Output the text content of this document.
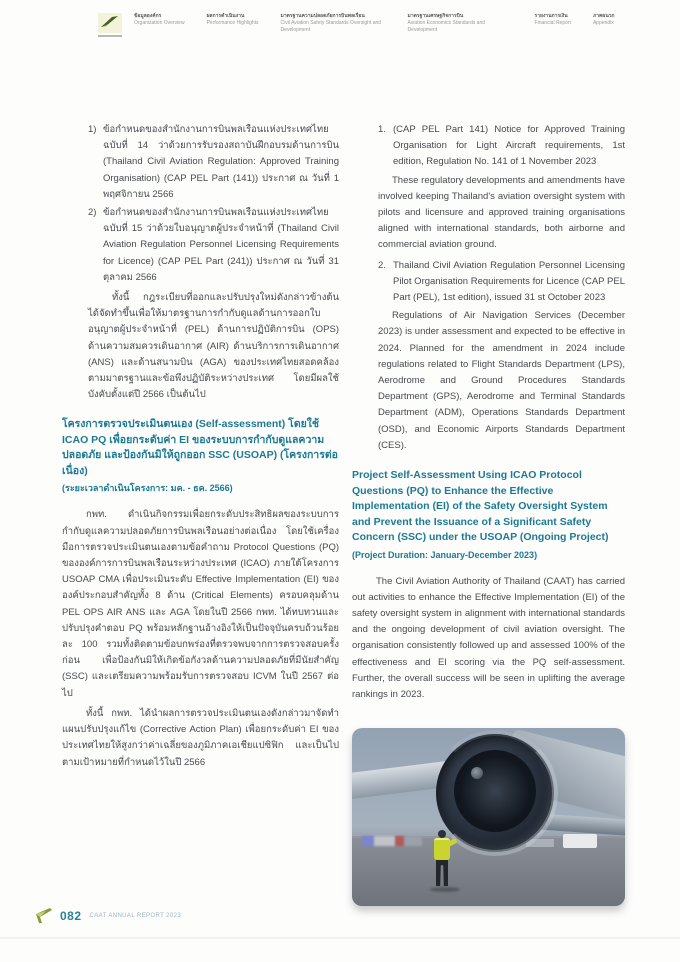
ข้อมูลองค์กร
Organization Overview
ผลการดำเนินงาน
Performance Highlights
มาตรฐานความปลอดภัยการบินพลเรือน
Civil Aviation Safety Standards Oversight and Development
มาตรฐานเศรษฐกิจการบิน
Aviation Economics Standards and Development
รายงานการเงิน
Financial Report
ภาคผนวก
Appendix
1) ข้อกำหนดของสำนักงานการบินพลเรือนแห่งประเทศไทย ฉบับที่ 14 ว่าด้วยการรับรองสถาบันฝึกอบรมด้านการบิน (Thailand Civil Aviation Regulation: Approved Training Organisation) (CAP PEL Part (141)) ประกาศ ณ วันที่ 1 พฤศจิกายน 2566
2) ข้อกำหนดของสำนักงานการบินพลเรือนแห่งประเทศไทย ฉบับที่ 15 ว่าด้วยใบอนุญาตผู้ประจำหน้าที่ (Thailand Civil Aviation Regulation Personnel Licensing Requirements for Licence) (CAP PEL Part (241)) ประกาศ ณ วันที่ 31 ตุลาคม 2566
ทั้งนี้ กฎระเบียบที่ออกและปรับปรุงใหม่ดังกล่าวข้างต้น ได้จัดทำขึ้นเพื่อให้มาตรฐานการกำกับดูแลด้านการออกใบอนุญาตผู้ประจำหน้าที่ (PEL) ด้านการปฏิบัติการบิน (OPS) ด้านความสมควรเดินอากาศ (AIR) ด้านบริการการเดินอากาศ (ANS) และด้านสนามบิน (AGA) ของประเทศไทยสอดคล้องตามมาตรฐานและข้อพึงปฏิบัติระหว่างประเทศ โดยมีผลใช้บังคับตั้งแต่ปี 2566 เป็นต้นไป
โครงการตรวจประเมินตนเอง (Self-assessment) โดยใช้ ICAO PQ เพื่อยกระดับค่า EI ของระบบการกำกับดูแลความปลอดภัย และป้องกันมิให้ถูกออก SSC (USOAP) (โครงการต่อเนื่อง)
(ระยะเวลาดำเนินโครงการ: มค. - ธค. 2566)
กพท. ดำเนินกิจกรรมเพื่อยกระดับประสิทธิผลของระบบการกำกับดูแลความปลอดภัยการบินพลเรือนอย่างต่อเนื่อง โดยใช้เครื่องมือการตรวจประเมินตนเองตามข้อคำถาม Protocol Questions (PQ) ขององค์การการบินพลเรือนระหว่างประเทศ (ICAO) ภายใต้โครงการ USOAP CMA เพื่อประเมินระดับ Effective Implementation (EI) ขององค์ประกอบสำคัญทั้ง 8 ด้าน (Critical Elements) ครอบคลุมด้าน PEL OPS AIR ANS และ AGA โดยในปี 2566 กพท. ได้ทบทวนและปรับปรุงคำตอบ PQ พร้อมหลักฐานอ้างอิงให้เป็นปัจจุบันครบถ้วนร้อยละ 100 รวมทั้งติดตามข้อบกพร่องที่ตรวจพบจากการตรวจสอบครั้งก่อน เพื่อป้องกันมิให้เกิดข้อกังวลด้านความปลอดภัยที่มีนัยสำคัญ (SSC) และเตรียมความพร้อมรับการตรวจสอบ ICVM ในปี 2567 ต่อไป
ทั้งนี้ กพท. ได้นำผลการตรวจประเมินตนเองดังกล่าวมาจัดทำแผนปรับปรุงแก้ไข (Corrective Action Plan) เพื่อยกระดับค่า EI ของประเทศไทยให้สูงกว่าค่าเฉลี่ยของภูมิภาคเอเชียแปซิฟิก และเป็นไปตามเป้าหมายที่กำหนดไว้ในปี 2566
1. (CAP PEL Part 141) Notice for Approved Training Organisation for Light Aircraft requirements, 1st edition, Regulation No. 141 of 1 November 2023
These regulatory developments and amendments have involved keeping Thailand's aviation oversight system with pilots and licensure and approved training organisations aligned with international standards, both airborne and commercial aviation ground.
2. Thailand Civil Aviation Regulation Personnel Licensing Pilot Organisation Requirements for Licence (CAP PEL Part (PEL), 1st edition), issued 31 st October 2023
Regulations of Air Navigation Services (December 2023) is under assessment and expected to be effective in 2024. Planned for the amendment in 2024 include regulations related to Flight Standards Department (LPS), Aerodrome and Ground Procedures Standards Department (GPS), Aerodrome and Terminal Standards Department (ADM), Operations Standards Department (OSD), and Economic Airports Standards Department (CES).
Project Self-Assessment Using ICAO Protocol Questions (PQ) to Enhance the Effective Implementation (EI) of the Safety Oversight System and Prevent the Issuance of a Significant Safety Concern (SSC) under the USOAP (Ongoing Project)
(Project Duration: January-December 2023)
The Civil Aviation Authority of Thailand (CAAT) has carried out activities to enhance the Effective Implementation (EI) of the safety oversight system in alignment with international standards and the ongoing development of civil aviation oversight. The organisation consistently followed up and assessed 100% of the effectiveness and EI scoring via the PQ self-assessment. Further, the overall success will be seen in uplifting the average rankings in 2023.
082 CAAT ANNUAL REPORT 2023
